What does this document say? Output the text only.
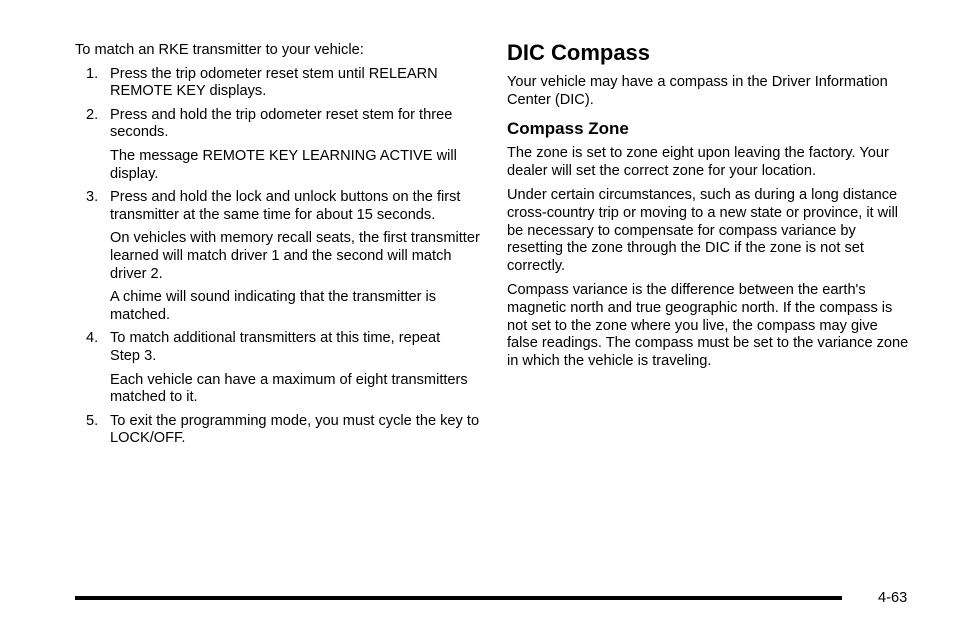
To match an RKE transmitter to your vehicle:

1. Press the trip odometer reset stem until RELEARN REMOTE KEY displays.

2. Press and hold the trip odometer reset stem for three seconds.

The message REMOTE KEY LEARNING ACTIVE will display.

3. Press and hold the lock and unlock buttons on the first transmitter at the same time for about 15 seconds.

On vehicles with memory recall seats, the first transmitter learned will match driver 1 and the second will match driver 2.

A chime will sound indicating that the transmitter is matched.

4. To match additional transmitters at this time, repeat Step 3.

Each vehicle can have a maximum of eight transmitters matched to it.

5. To exit the programming mode, you must cycle the key to LOCK/OFF.

DIC Compass

Your vehicle may have a compass in the Driver Information Center (DIC).

Compass Zone

The zone is set to zone eight upon leaving the factory. Your dealer will set the correct zone for your location.

Under certain circumstances, such as during a long distance cross-country trip or moving to a new state or province, it will be necessary to compensate for compass variance by resetting the zone through the DIC if the zone is not set correctly.

Compass variance is the difference between the earth's magnetic north and true geographic north. If the compass is not set to the zone where you live, the compass may give false readings. The compass must be set to the variance zone in which the vehicle is traveling.

4-63
